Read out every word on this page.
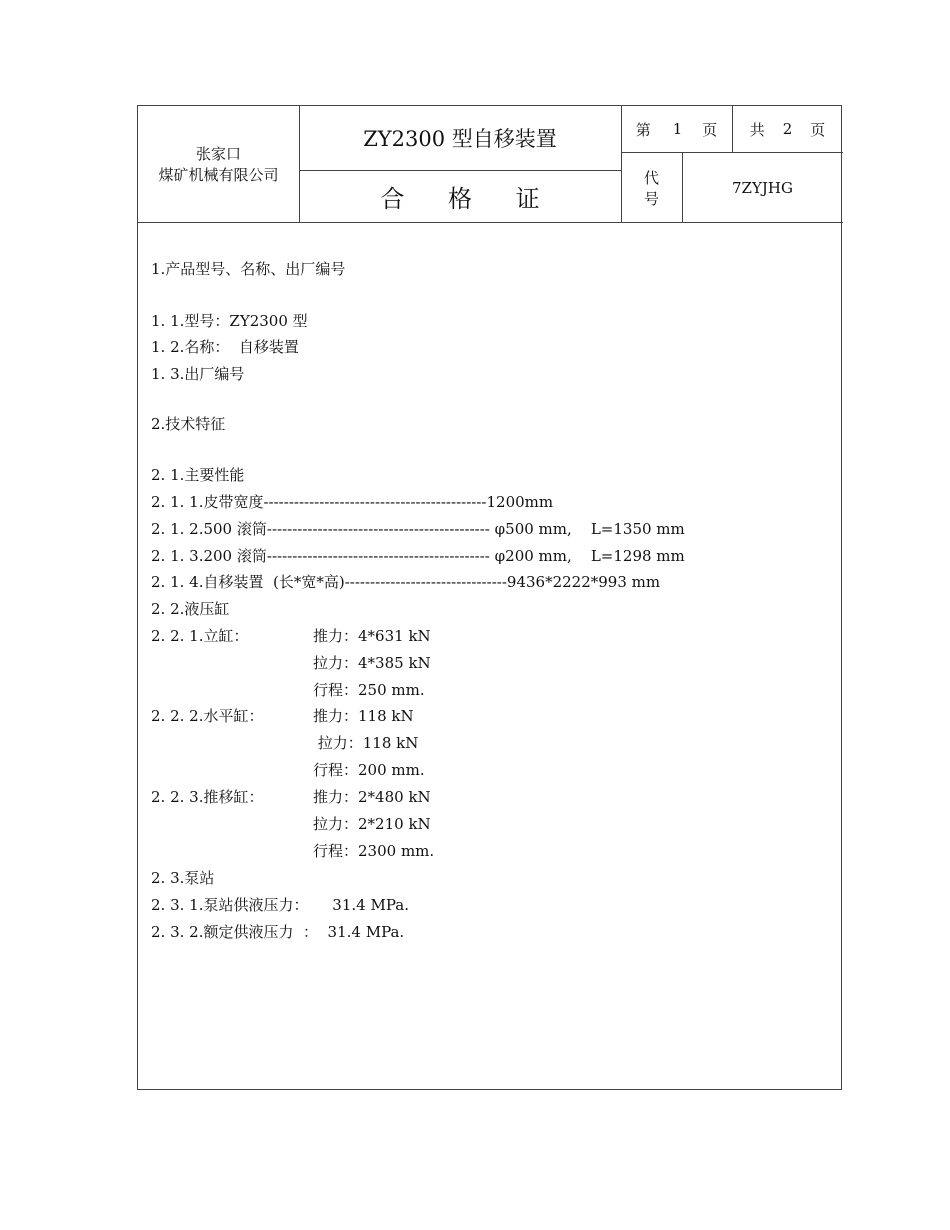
张家口
煤矿机械有限公司
ZY2300 型自移装置
合 格 证
第 1 页 共 2 页
代 号
7ZYJHG
1.产品型号、名称、出厂编号
1. 1.型号：ZY2300 型
1. 2.名称：  自移装置
1. 3.出厂编号
2.技术特征
2. 1.主要性能
2. 1. 1.皮带宽度--------------------------------------------1200mm
2. 1. 2.500 滚筒-------------------------------------------- φ500 mm,    L=1350 mm
2. 1. 3.200 滚筒-------------------------------------------- φ200 mm,    L=1298 mm
2. 1. 4.自移装置  (长*宽*高)--------------------------------9436*2222*993 mm
2. 2.液压缸
2. 2. 1.立缸：	推力：4*631 kN
拉力：4*385 kN
行程：250 mm.
2. 2. 2.水平缸：	推力：118 kN
拉力：118 kN
行程：200 mm.
2. 2. 3.推移缸：	推力：2*480 kN
拉力：2*210 kN
行程：2300 mm.
2. 3.泵站
2. 3. 1.泵站供液压力：     31.4 MPa.
2. 3. 2.额定供液压力  ：  31.4 MPa.
